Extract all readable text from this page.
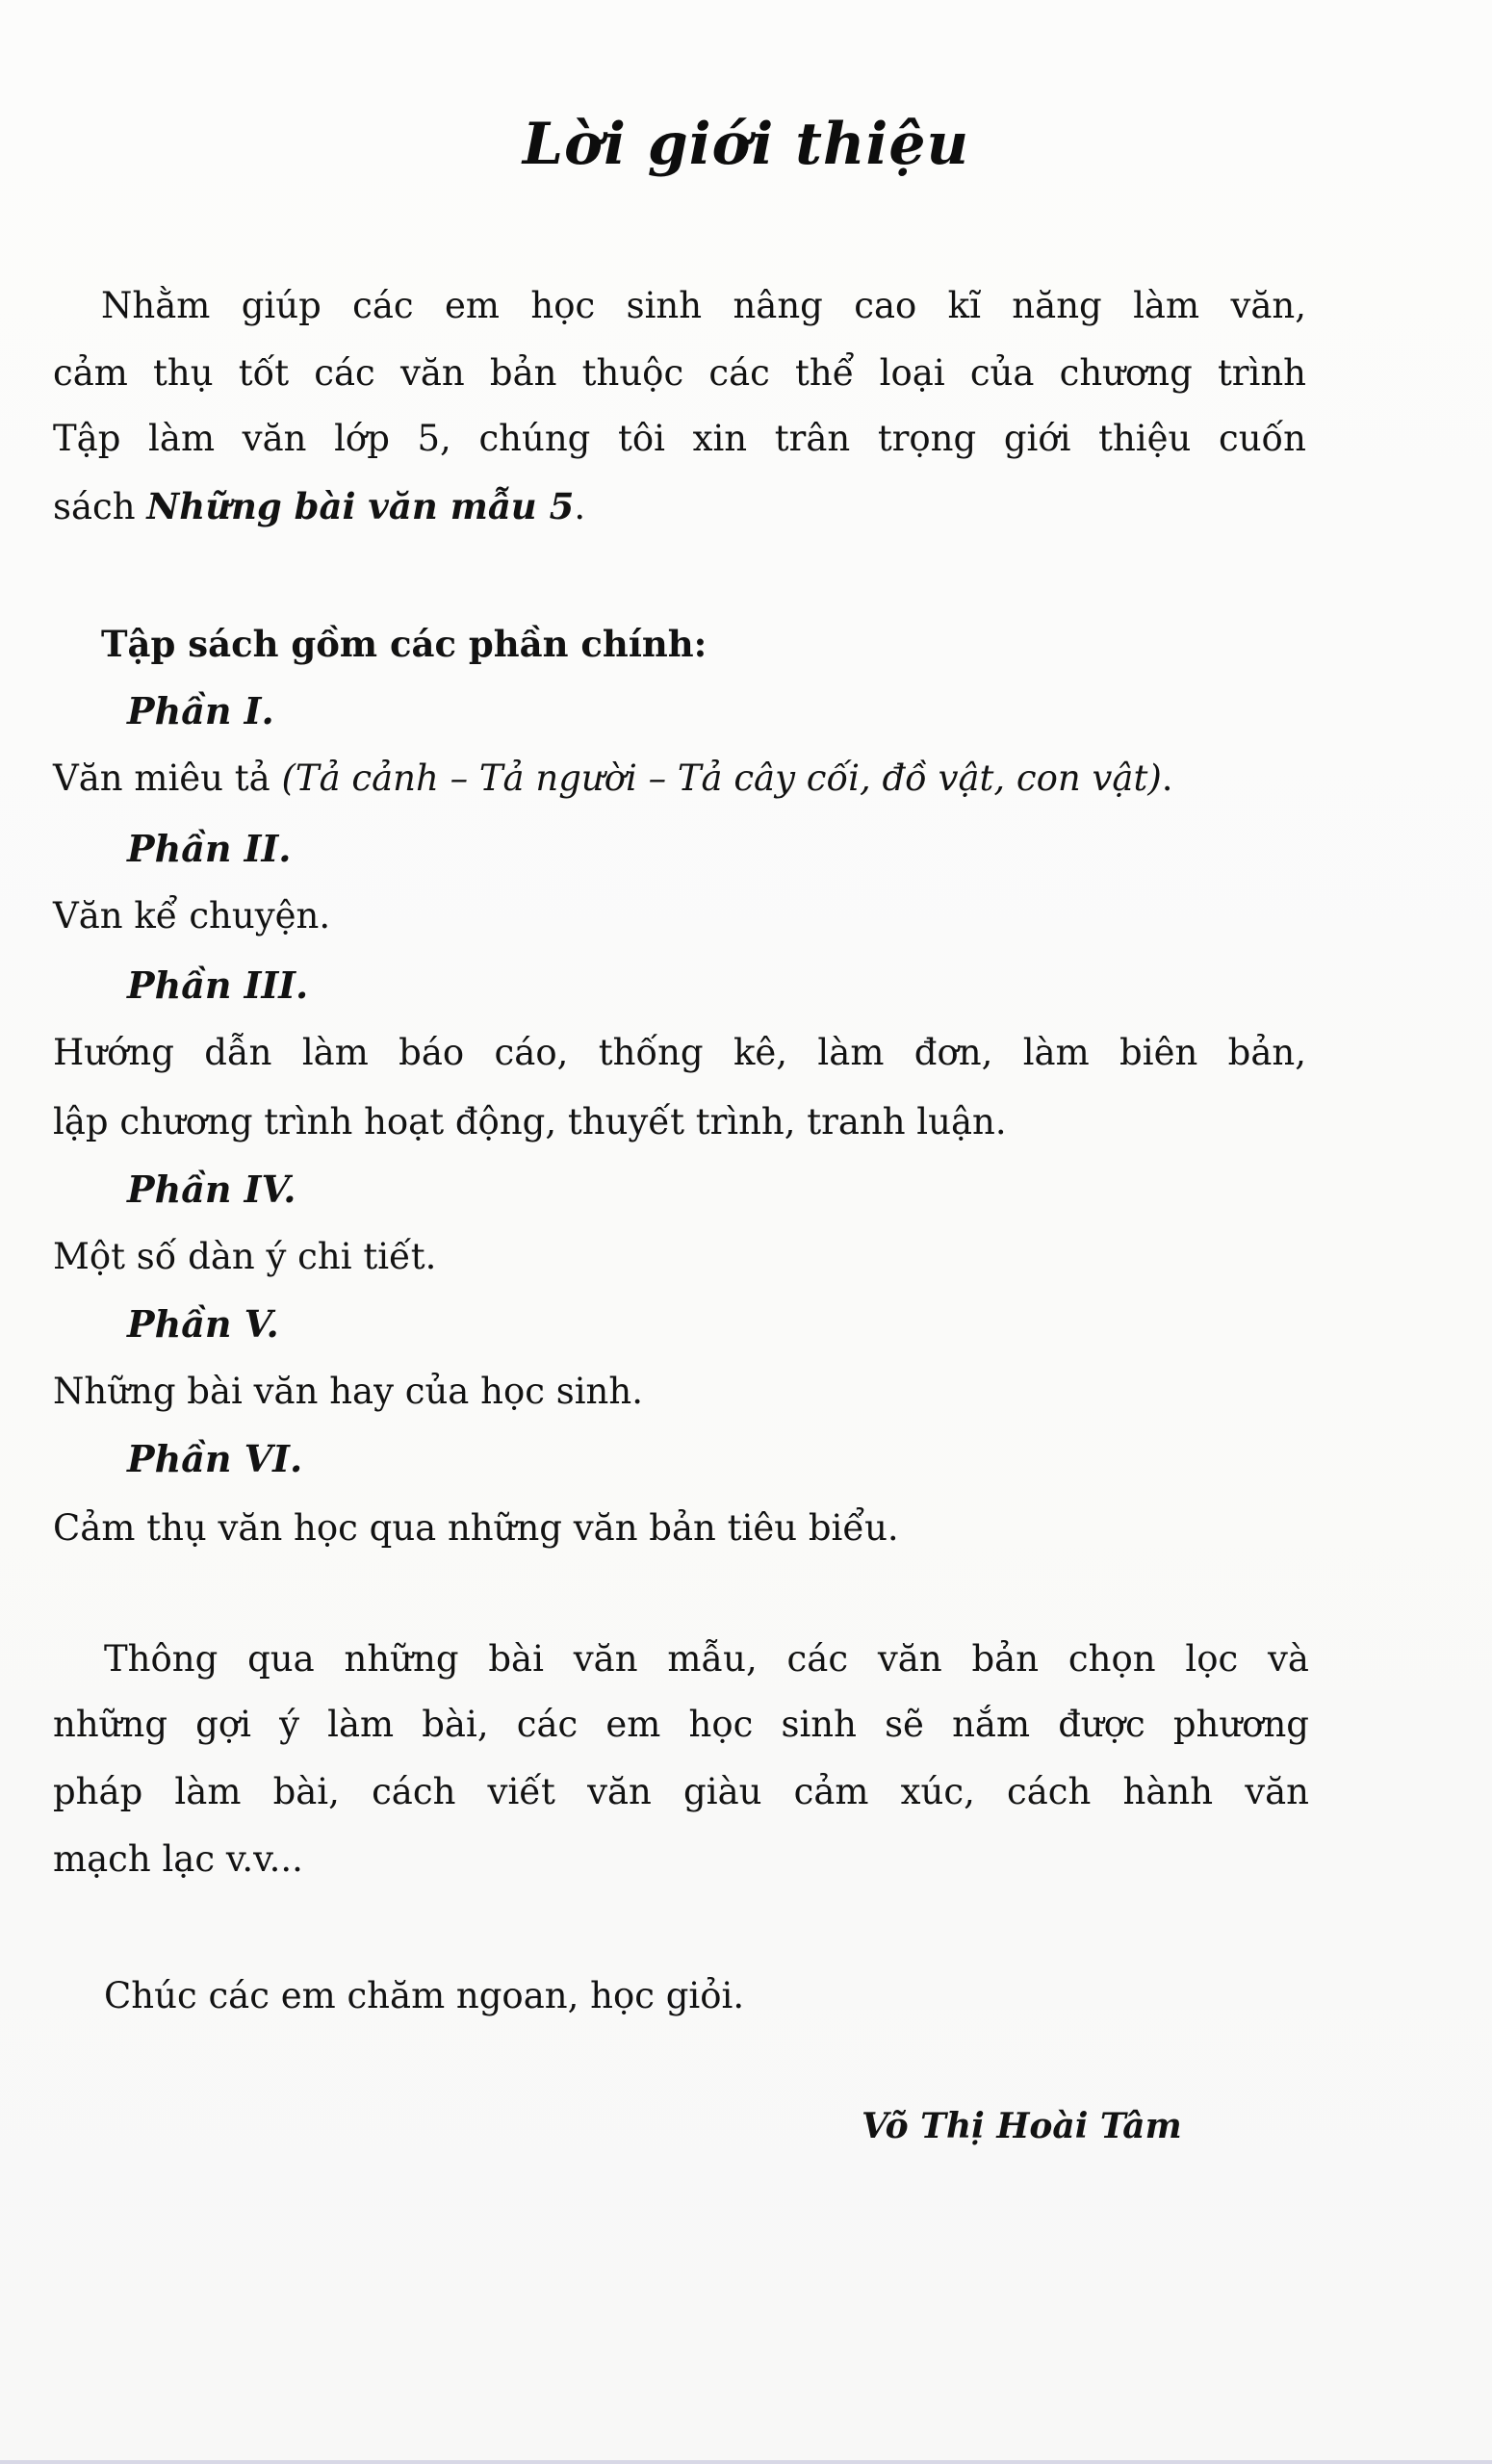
Lời giới thiệu
Nhằm giúp các em học sinh nâng cao kĩ năng làm văn,
cảm thụ tốt các văn bản thuộc các thể loại của chương trình
Tập làm văn lớp 5, chúng tôi xin trân trọng giới thiệu cuốn
sách Những bài văn mẫu 5.
Tập sách gồm các phần chính:
Phần I.
Văn miêu tả (Tả cảnh – Tả người – Tả cây cối, đồ vật, con vật).
Phần II.
Văn kể chuyện.
Phần III.
Hướng dẫn làm báo cáo, thống kê, làm đơn, làm biên bản,
lập chương trình hoạt động, thuyết trình, tranh luận.
Phần IV.
Một số dàn ý chi tiết.
Phần V.
Những bài văn hay của học sinh.
Phần VI.
Cảm thụ văn học qua những văn bản tiêu biểu.
Thông qua những bài văn mẫu, các văn bản chọn lọc và
những gợi ý làm bài, các em học sinh sẽ nắm được phương
pháp làm bài, cách viết văn giàu cảm xúc, cách hành văn
mạch lạc v.v...
Chúc các em chăm ngoan, học giỏi.
Võ Thị Hoài Tâm
